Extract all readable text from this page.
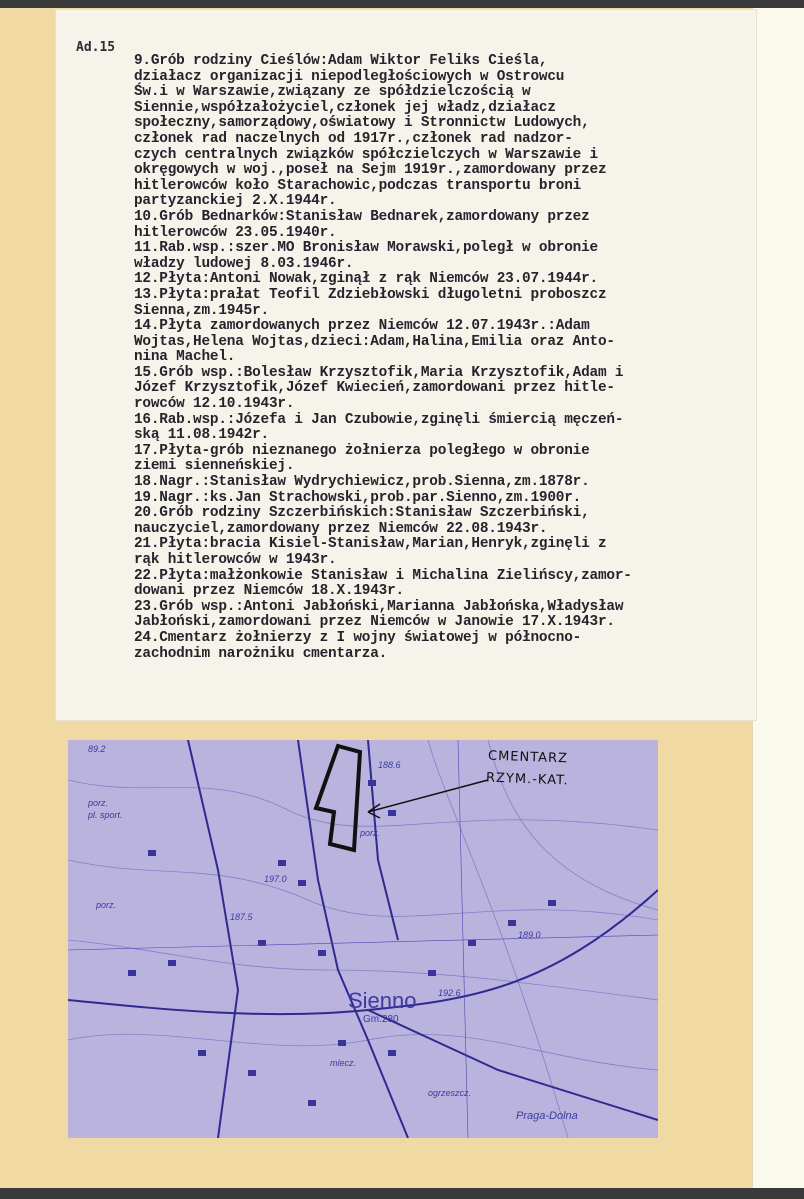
Ad.15
9.Grób rodziny Cieślów:Adam Wiktor Feliks Cieśla,
działacz organizacji niepodległościowych w Ostrowcu
Św.i w Warszawie,związany ze spółdzielczością w
Siennie,współzałożyciel,członek jej władz,działacz
społeczny,samorządowy,oświatowy i Stronnictw Ludowych,
członek rad naczelnych od 1917r.,członek rad nadzor-
czych centralnych związków spółczielczych w Warszawie i
okręgowych w woj.,poseł na Sejm 1919r.,zamordowany przez
hitlerowców koło Starachowic,podczas transportu broni
partyzanckiej 2.X.1944r.
10.Grób Bednarków:Stanisław Bednarek,zamordowany przez
hitlerowców 23.05.1940r.
11.Rab.wsp.:szer.MO Bronisław Morawski,poległ w obronie
władzy ludowej 8.03.1946r.
12.Płyta:Antoni Nowak,zginął z rąk Niemców 23.07.1944r.
13.Płyta:prałat Teofil Zdziebłowski długoletni proboszcz
Sienna,zm.1945r.
14.Płyta zamordowanych przez Niemców 12.07.1943r.:Adam
Wojtas,Helena Wojtas,dzieci:Adam,Halina,Emilia oraz Anto-
nina Machel.
15.Grób wsp.:Bolesław Krzysztofik,Maria Krzysztofik,Adam i
Józef Krzysztofik,Józef Kwiecień,zamordowani przez hitle-
rowców 12.10.1943r.
16.Rab.wsp.:Józefa i Jan Czubowie,zginęli śmiercią męczeń-
ską 11.08.1942r.
17.Płyta-grób nieznanego żołnierza poległego w obronie
ziemi sienneńskiej.
18.Nagr.:Stanisław Wydrychiewicz,prob.Sienna,zm.1878r.
19.Nagr.:ks.Jan Strachowski,prob.par.Sienno,zm.1900r.
20.Grób rodziny Szczerbińskich:Stanisław Szczerbiński,
nauczyciel,zamordowany przez Niemców 22.08.1943r.
21.Płyta:bracia Kisiel-Stanisław,Marian,Henryk,zginęli z
rąk hitlerowców w 1943r.
22.Płyta:małżonkowie Stanisław i Michalina Zielińscy,zamor-
dowani przez Niemców 18.X.1943r.
23.Grób wsp.:Antoni Jabłoński,Marianna Jabłońska,Władysław
Jabłoński,zamordowani przez Niemców w Janowie 17.X.1943r.
24.Cmentarz żołnierzy z I wojny światowej w północno-
zachodnim narożniku cmentarza.
CMENTARZ
RZYM.-KAT.
Sienno
Gm.280
89.2
porz.
pl. sport.
188.6
porz.
197.0
187.5
porz.
189.0
192.6
mlecz.
ogrzeszcz.
Praga-Dolna
